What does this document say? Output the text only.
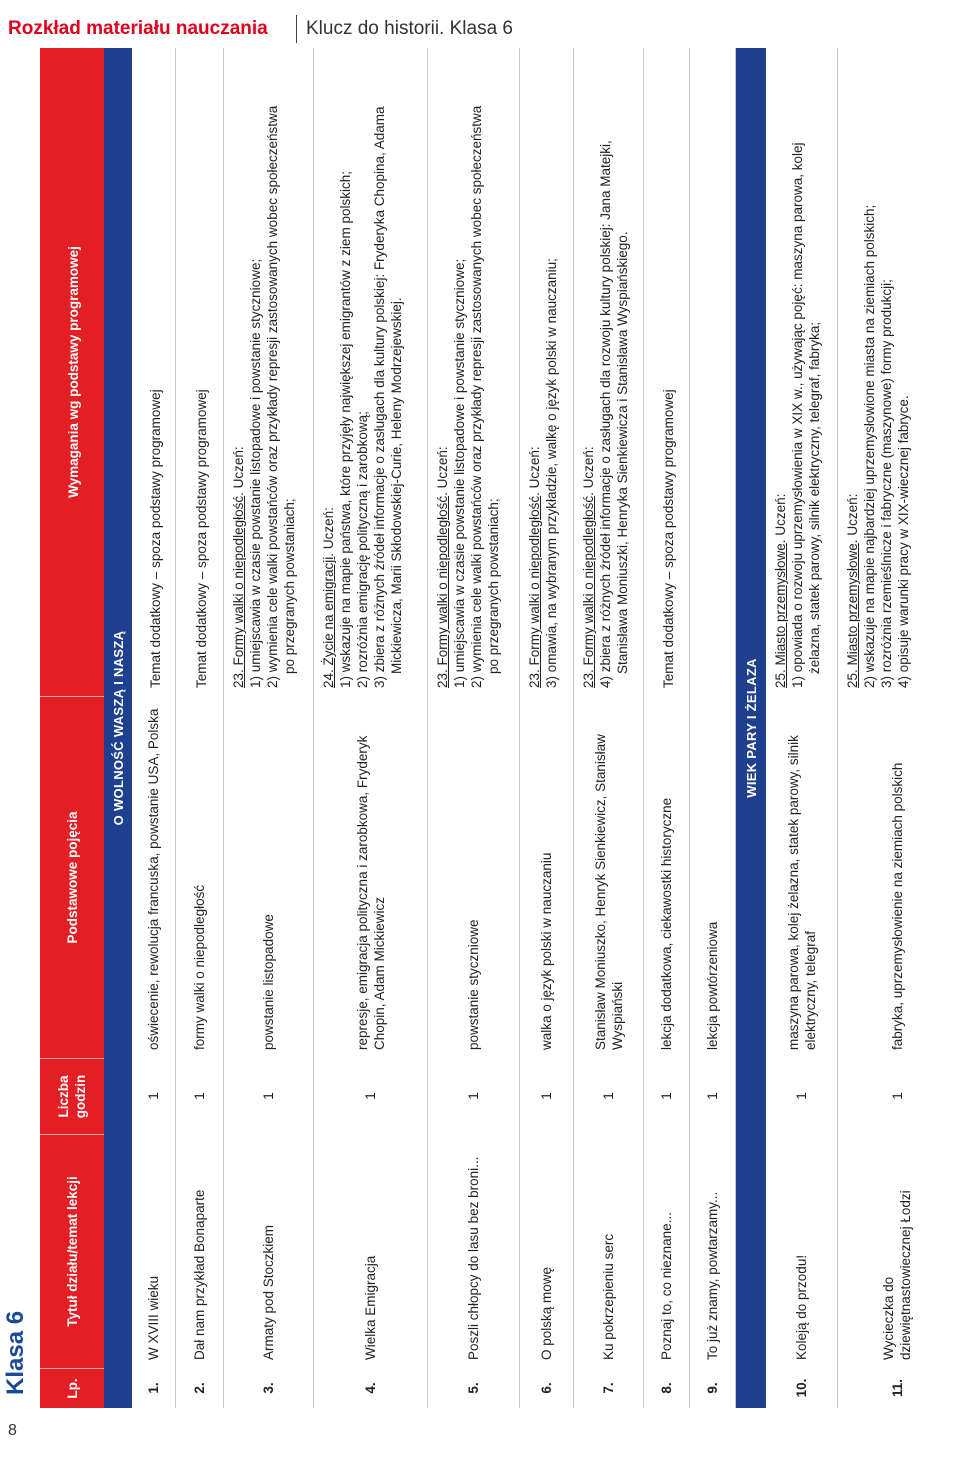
Rozkład materiału nauczania Klucz do historii. Klasa 6
Klasa 6
8
Lp.
Tytuł działu/temat lekcji
Liczba godzin
Podstawowe pojęcia
Wymagania wg podstawy programowej
O WOLNOŚĆ WASZĄ I NASZĄ
1.
W XVIII wieku
1
oświecenie, rewolucja francuska, powstanie USA, Polska
Temat dodatkowy – spoza podstawy programowej
2.
Dał nam przykład Bonaparte
1
formy walki o niepodległość
Temat dodatkowy – spoza podstawy programowej
3.
Armaty pod Stoczkiem
1
powstanie listopadowe
23. Formy walki o niepodległość. Uczeń: 1) umiejscawia w czasie powstanie listopadowe i powstanie styczniowe; 2) wymienia cele walki powstańców oraz przykłady represji zastosowanych wobec społeczeństwa po przegranych powstaniach;
4.
Wielka Emigracja
1
represje, emigracja polityczna i zarobkowa, Fryderyk Chopin, Adam Mickiewicz
24. Życie na emigracji. Uczeń: 1) wskazuje na mapie państwa, które przyjęły największej emigrantów z ziem polskich; 2) rozróżnia emigrację polityczną i zarobkową; 3) zbiera z różnych źródeł informacje o zasługach dla kultury polskiej: Fryderyka Chopina, Adama Mickiewicza, Marii Skłodowskiej-Curie, Heleny Modrzejewskiej.
5.
Poszli chłopcy do lasu bez broni...
1
powstanie styczniowe
23. Formy walki o niepodległość. Uczeń: 1) umiejscawia w czasie powstanie listopadowe i powstanie styczniowe; 2) wymienia cele walki powstańców oraz przykłady represji zastosowanych wobec społeczeństwa po przegranych powstaniach;
6.
O polską mowę
1
walka o język polski w nauczaniu
23. Formy walki o niepodległość. Uczeń: 3) omawia, na wybranym przykładzie, walkę o język polski w nauczaniu;
7.
Ku pokrzepieniu serc
1
Stanisław Moniuszko, Henryk Sienkiewicz, Stanisław Wyspiański
23. Formy walki o niepodległość. Uczeń: 4) zbiera z różnych źródeł informacje o zasługach dla rozwoju kultury polskiej: Jana Matejki, Stanisława Moniuszki, Henryka Sienkiewicza i Stanisława Wyspiańskiego.
8.
Poznaj to, co nieznane...
1
lekcja dodatkowa, ciekawostki historyczne
Temat dodatkowy – spoza podstawy programowej
9.
To już znamy, powtarzamy...
1
lekcja powtórzeniowa
WIEK PARY I ŻELAZA
10.
Koleją do przodu!
1
maszyna parowa, kolej żelazna, statek parowy, silnik elektryczny, telegraf
25. Miasto przemysłowe. Uczeń: 1) opowiada o rozwoju uprzemysłowienia w XIX w., używając pojęć: maszyna parowa, kolej żelazna, statek parowy, silnik elektryczny, telegraf, fabryka;
11.
Wycieczka do dziewiętnastowiecznej Łodzi
1
fabryka, uprzemysłowienie na ziemiach polskich
25. Miasto przemysłowe. Uczeń: 2) wskazuje na mapie najbardziej uprzemysłowione miasta na ziemiach polskich; 3) rozróżnia rzemieślnicze i fabryczne (maszynowe) formy produkcji; 4) opisuje warunki pracy w XIX-wiecznej fabryce.
